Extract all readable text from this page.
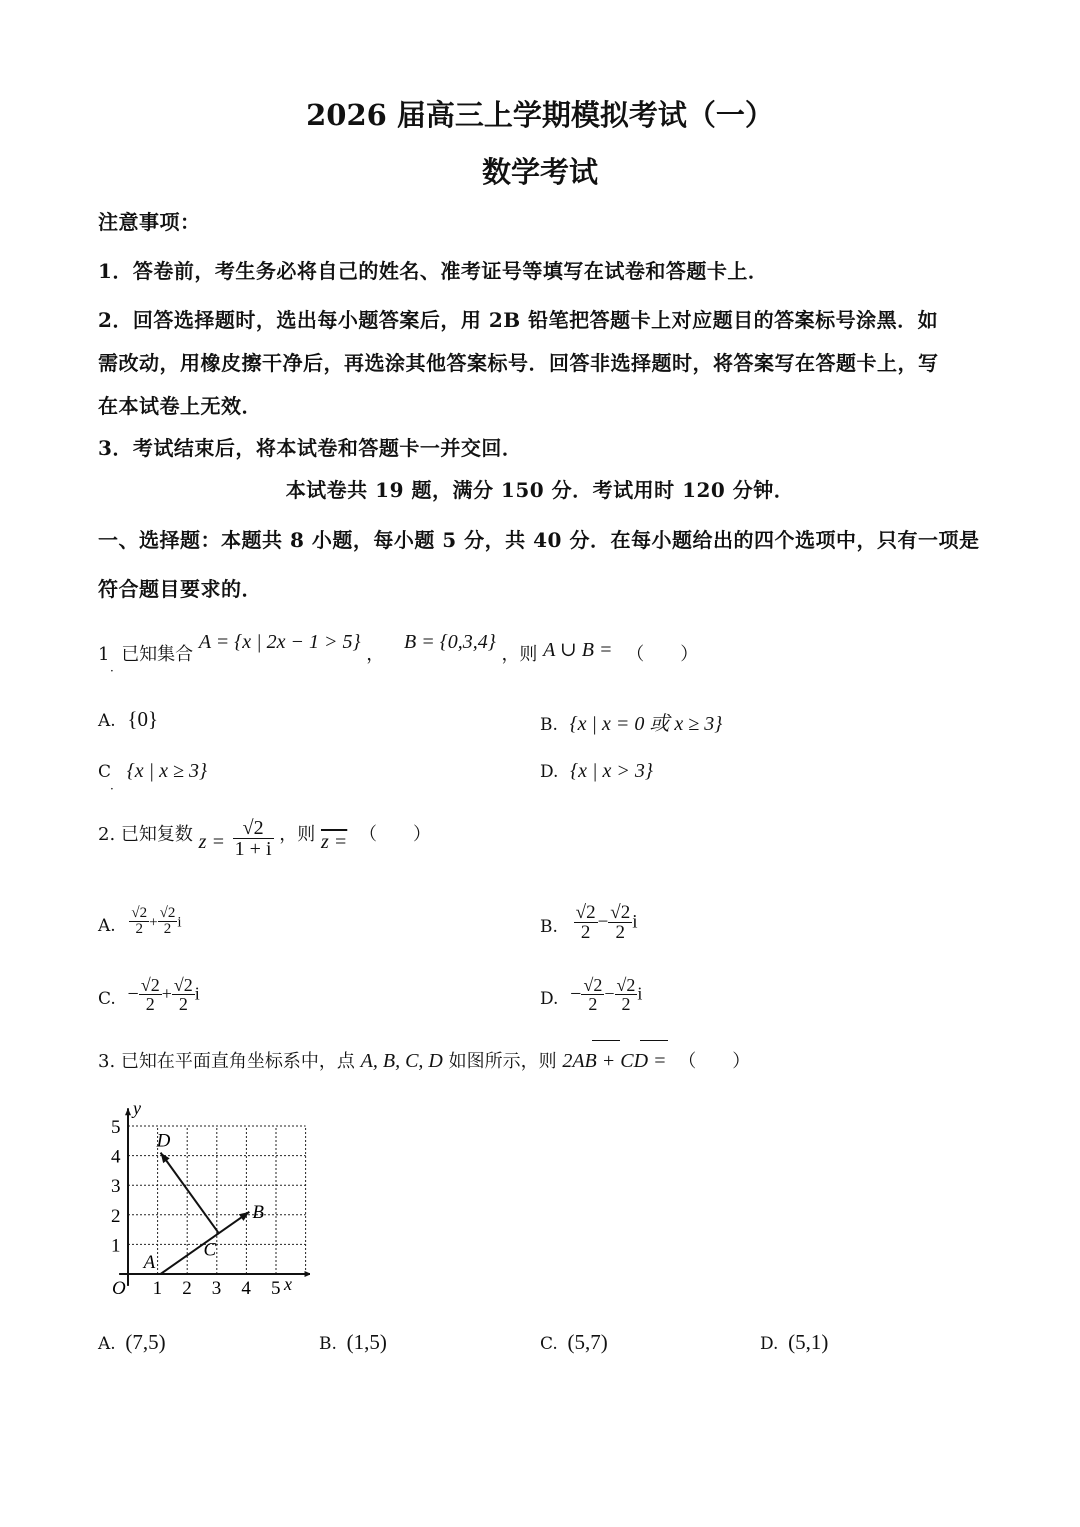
2026 届高三上学期模拟考试（一）
数学考试
注意事项：
1．答卷前，考生务必将自己的姓名、准考证号等填写在试卷和答题卡上．
2．回答选择题时，选出每小题答案后，用 2B 铅笔把答题卡上对应题目的答案标号涂黑．如
需改动，用橡皮擦干净后，再选涂其他答案标号．回答非选择题时，将答案写在答题卡上，写
在本试卷上无效．
3．考试结束后，将本试卷和答题卡一并交回．
本试卷共 19 题，满分 150 分．考试用时 120 分钟．
一、选择题：本题共 8 小题，每小题 5 分，共 40 分．在每小题给出的四个选项中，只有一项是
符合题目要求的．
1 已知集合 A = {x | 2x − 1 > 5} ， B = {0,3,4} ，则 A ∪ B = （　　）
·
A. {0}	B. {x | x = 0 或 x ≥ 3}
C {x | x ≥ 3}
·
D. {x | x > 3}
2. 已知复数 $z = \frac{√2}{1 + i}$ ，则 z = （　　）
A. $\frac{√2}{2} + \frac{√2}{2}$ i	B. $\frac{√2}{2} - \frac{√2}{2}$ i
C. − $\frac{√2}{2} + \frac{√2}{2}$ i	D. − $\frac{√2}{2} - \frac{√2}{2}$ i
3. 已知在平面直角坐标系中，点 A, B, C, D 如图所示，则 2AB + CD = （　　）
1 2 3 4 5 x
1
2
3
4
5
O
y
A
B
C
D
A. (7,5)	B. (1,5)	C. (5,7)	D. (5,1)
